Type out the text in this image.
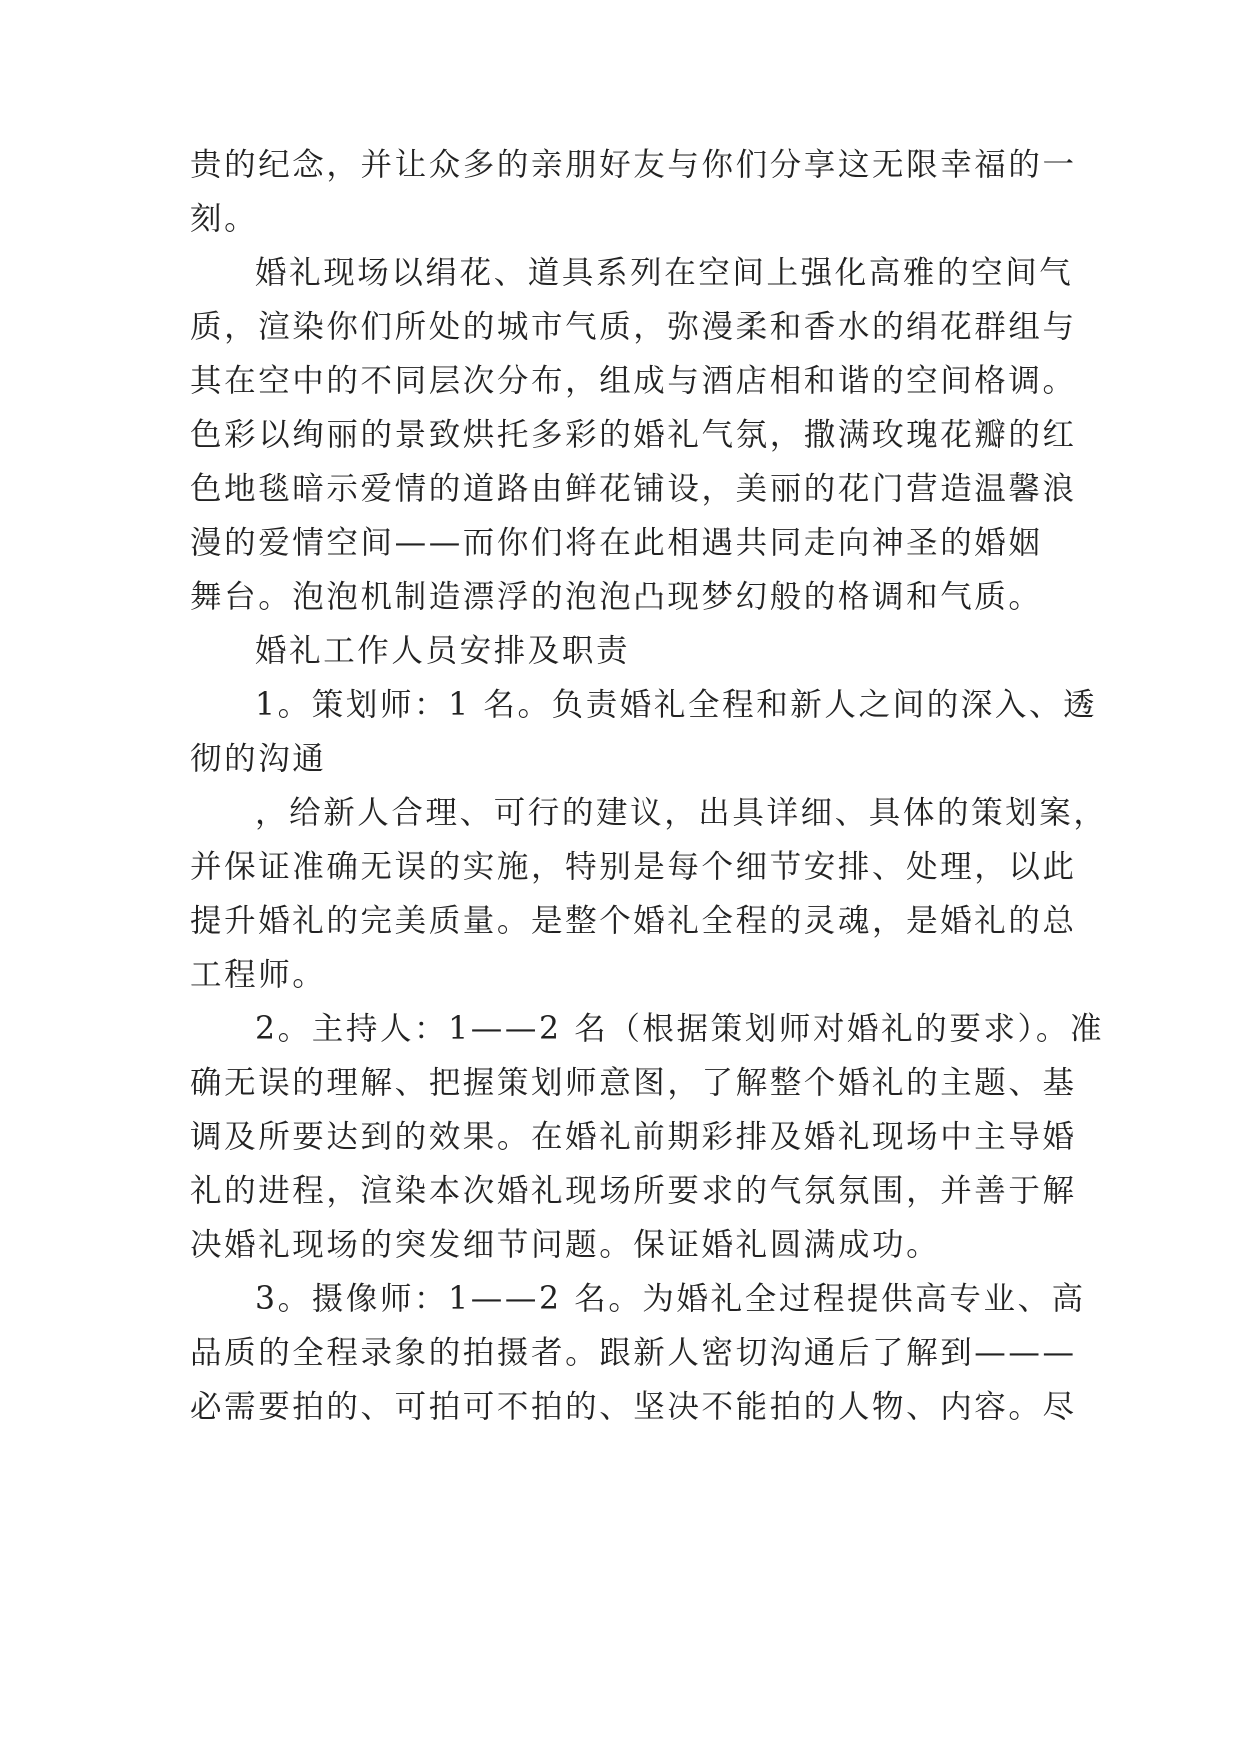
贵的纪念，并让众多的亲朋好友与你们分享这无限幸福的一

刻。

婚礼现场以绢花、道具系列在空间上强化高雅的空间气

质，渲染你们所处的城市气质，弥漫柔和香水的绢花群组与

其在空中的不同层次分布，组成与酒店相和谐的空间格调。

色彩以绚丽的景致烘托多彩的婚礼气氛，撒满玫瑰花瓣的红

色地毯暗示爱情的道路由鲜花铺设，美丽的花门营造温馨浪

漫的爱情空间——而你们将在此相遇共同走向神圣的婚姻

舞台。泡泡机制造漂浮的泡泡凸现梦幻般的格调和气质。

婚礼工作人员安排及职责

1。策划师：1 名。负责婚礼全程和新人之间的深入、透

彻的沟通

，给新人合理、可行的建议，出具详细、具体的策划案，

并保证准确无误的实施，特别是每个细节安排、处理，以此

提升婚礼的完美质量。是整个婚礼全程的灵魂，是婚礼的总

工程师。

2。主持人：1——2 名（根据策划师对婚礼的要求）。准

确无误的理解、把握策划师意图，了解整个婚礼的主题、基

调及所要达到的效果。在婚礼前期彩排及婚礼现场中主导婚

礼的进程，渲染本次婚礼现场所要求的气氛氛围，并善于解

决婚礼现场的突发细节问题。保证婚礼圆满成功。

3。摄像师：1——2 名。为婚礼全过程提供高专业、高

品质的全程录象的拍摄者。跟新人密切沟通后了解到———

必需要拍的、可拍可不拍的、坚决不能拍的人物、内容。尽
